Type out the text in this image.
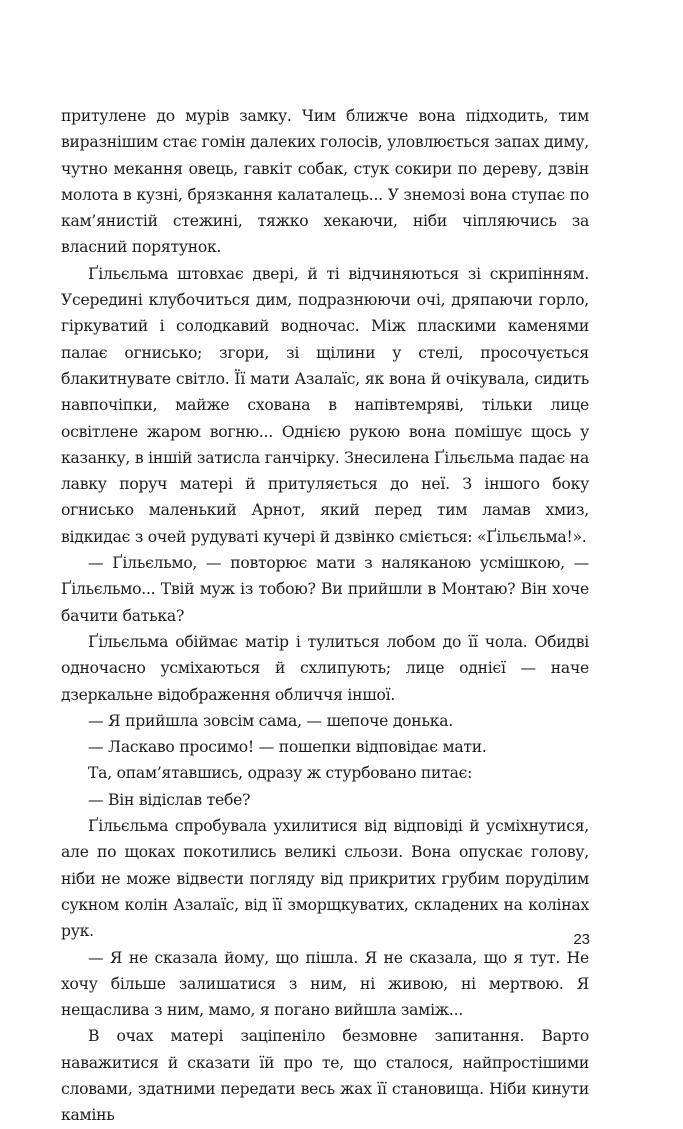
притулене до мурів замку. Чим ближче вона підходить, тим виразнішим стає гомін далеких голосів, уловлюється запах диму, чутно мекання овець, гавкіт собак, стук сокири по дереву, дзвін молота в кузні, брязкання калаталець... У знемозі вона ступає по кам’янистій стежині, тяжко хекаючи, ніби чіпляючись за власний порятунок.

Ґільєльма штовхає двері, й ті відчиняються зі скрипінням. Усередині клубочиться дим, подразнюючи очі, дряпаючи горло, гіркуватий і солодкавий водночас. Між пласкими каменями палає огнисько; згори, зі щілини у стелі, просочується блакитнувате світло. Її мати Азалаїс, як вона й очікувала, сидить навпочіпки, майже схована в напівтемряві, тільки лице освітлене жаром вогню... Однією рукою вона помішує щось у казанку, в іншій затисла ганчірку. Знесилена Ґільєльма падає на лавку поруч матері й притуляється до неї. З іншого боку огнисько маленький Арнот, який перед тим ламав хмиз, відкидає з очей рудуваті кучері й дзвінко сміється: «Ґільєльма!».

— Ґільєльмо, — повторює мати з наляканою усмішкою, — Ґільєльмо... Твій муж із тобою? Ви прийшли в Монтаю? Він хоче бачити батька?

Ґільєльма обіймає матір і тулиться лобом до її чола. Обидві одночасно усміхаються й схлипують; лице однієї — наче дзеркальне відображення обличчя іншої.

— Я прийшла зовсім сама, — шепоче донька.

— Ласкаво просимо! — пошепки відповідає мати.

Та, опам’ятавшись, одразу ж стурбовано питає:

— Він відіслав тебе?

Ґільєльма спробувала ухилитися від відповіді й усміхнутися, але по щоках покотились великі сльози. Вона опускає голову, ніби не може відвести погляду від прикритих грубим порудiлим сукном колін Азалаїс, від її зморщкуватих, складених на колінах рук.

— Я не сказала йому, що пішла. Я не сказала, що я тут. Не хочу більше залишатися з ним, ні живою, ні мертвою. Я нещаслива з ним, мамо, я погано вийшла заміж...

В очах матері заціпеніло безмовне запитання. Варто наважитися й сказати їй про те, що сталося, найпростішими словами, здатними передати весь жах її становища. Ніби кинути камінь

23
